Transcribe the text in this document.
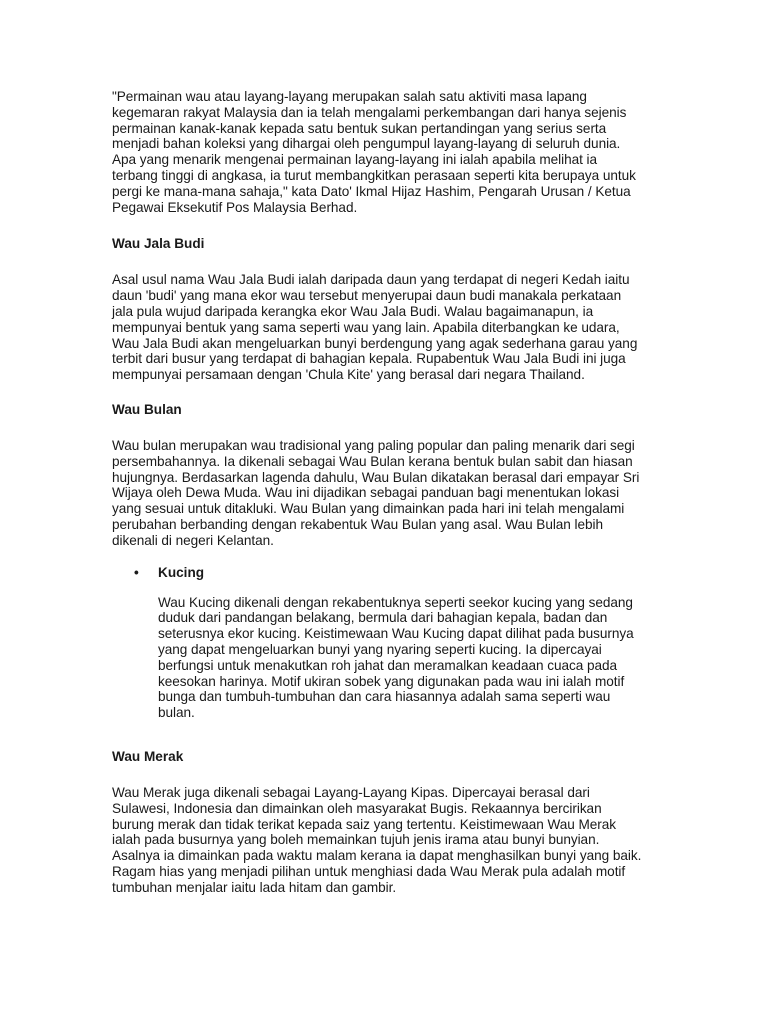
"Permainan wau atau layang-layang merupakan salah satu aktiviti masa lapang
kegemaran rakyat Malaysia dan ia telah mengalami perkembangan dari hanya sejenis
permainan kanak-kanak kepada satu bentuk sukan pertandingan yang serius serta
menjadi bahan koleksi yang dihargai oleh pengumpul layang-layang di seluruh dunia.
Apa yang menarik mengenai permainan layang-layang ini ialah apabila melihat ia
terbang tinggi di angkasa, ia turut membangkitkan perasaan seperti kita berupaya untuk
pergi ke mana-mana sahaja," kata Dato' Ikmal Hijaz Hashim, Pengarah Urusan / Ketua
Pegawai Eksekutif Pos Malaysia Berhad.

Wau Jala Budi

Asal usul nama Wau Jala Budi ialah daripada daun yang terdapat di negeri Kedah iaitu
daun 'budi' yang mana ekor wau tersebut menyerupai daun budi manakala perkataan
jala pula wujud daripada kerangka ekor Wau Jala Budi. Walau bagaimanapun, ia
mempunyai bentuk yang sama seperti wau yang lain. Apabila diterbangkan ke udara,
Wau Jala Budi akan mengeluarkan bunyi berdengung yang agak sederhana garau yang
terbit dari busur yang terdapat di bahagian kepala. Rupabentuk Wau Jala Budi ini juga
mempunyai persamaan dengan 'Chula Kite' yang berasal dari negara Thailand.

Wau Bulan

Wau bulan merupakan wau tradisional yang paling popular dan paling menarik dari segi
persembahannya. Ia dikenali sebagai Wau Bulan kerana bentuk bulan sabit dan hiasan
hujungnya. Berdasarkan lagenda dahulu, Wau Bulan dikatakan berasal dari empayar Sri
Wijaya oleh Dewa Muda. Wau ini dijadikan sebagai panduan bagi menentukan lokasi
yang sesuai untuk ditakluki. Wau Bulan yang dimainkan pada hari ini telah mengalami
perubahan berbanding dengan rekabentuk Wau Bulan yang asal. Wau Bulan lebih
dikenali di negeri Kelantan.

•	Kucing

Wau Kucing dikenali dengan rekabentuknya seperti seekor kucing yang sedang
duduk dari pandangan belakang, bermula dari bahagian kepala, badan dan
seterusnya ekor kucing. Keistimewaan Wau Kucing dapat dilihat pada busurnya
yang dapat mengeluarkan bunyi yang nyaring seperti kucing. Ia dipercayai
berfungsi untuk menakutkan roh jahat dan meramalkan keadaan cuaca pada
keesokan harinya. Motif ukiran sobek yang digunakan pada wau ini ialah motif
bunga dan tumbuh-tumbuhan dan cara hiasannya adalah sama seperti wau
bulan.

Wau Merak

Wau Merak juga dikenali sebagai Layang-Layang Kipas. Dipercayai berasal dari
Sulawesi, Indonesia dan dimainkan oleh masyarakat Bugis. Rekaannya bercirikan
burung merak dan tidak terikat kepada saiz yang tertentu. Keistimewaan Wau Merak
ialah pada busurnya yang boleh memainkan tujuh jenis irama atau bunyi bunyian.
Asalnya ia dimainkan pada waktu malam kerana ia dapat menghasilkan bunyi yang baik.
Ragam hias yang menjadi pilihan untuk menghiasi dada Wau Merak pula adalah motif
tumbuhan menjalar iaitu lada hitam dan gambir.
